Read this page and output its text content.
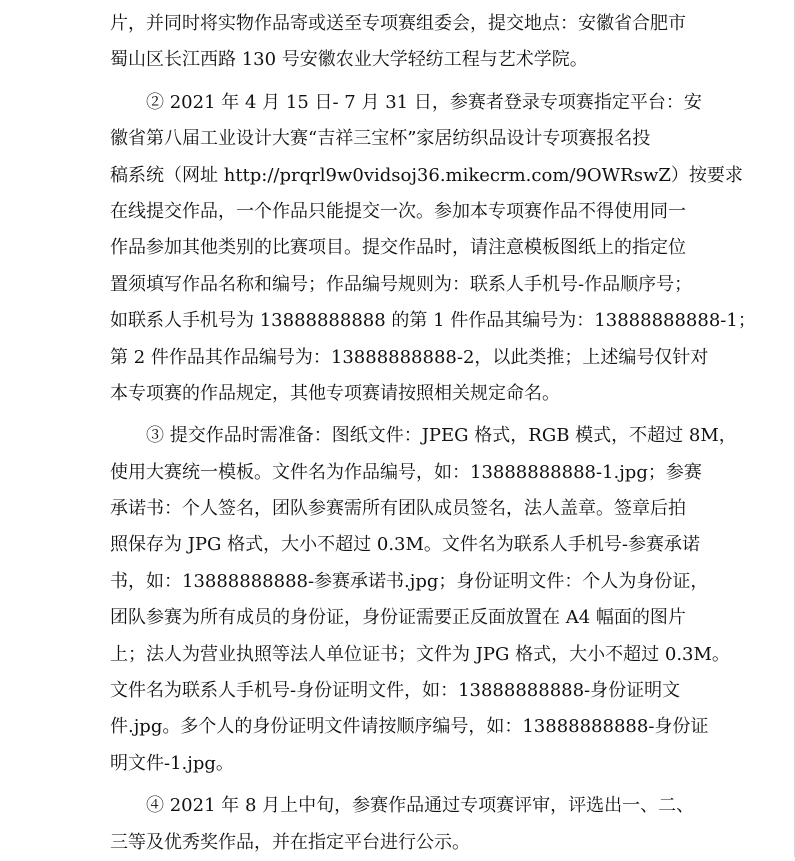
片，并同时将实物作品寄或送至专项赛组委会，提交地点：安徽省合肥市
蜀山区长江西路 130 号安徽农业大学轻纺工程与艺术学院。
　　② 2021 年 4 月 15 日- 7 月 31 日，参赛者登录专项赛指定平台：安
徽省第八届工业设计大赛“吉祥三宝杯”家居纺织品设计专项赛报名投
稿系统（网址 http://prqrl9w0vidsoj36.mikecrm.com/9OWRswZ）按要求
在线提交作品，一个作品只能提交一次。参加本专项赛作品不得使用同一
作品参加其他类别的比赛项目。提交作品时，请注意模板图纸上的指定位
置须填写作品名称和编号；作品编号规则为：联系人手机号-作品顺序号；
如联系人手机号为 13888888888 的第 1 件作品其编号为：13888888888-1；
第 2 件作品其作品编号为：13888888888-2，以此类推；上述编号仅针对
本专项赛的作品规定，其他专项赛请按照相关规定命名。
　　③ 提交作品时需准备：图纸文件：JPEG 格式，RGB 模式，不超过 8M，
使用大赛统一模板。文件名为作品编号，如：13888888888-1.jpg；参赛
承诺书：个人签名，团队参赛需所有团队成员签名，法人盖章。签章后拍
照保存为 JPG 格式，大小不超过 0.3M。文件名为联系人手机号-参赛承诺
书，如：13888888888-参赛承诺书.jpg；身份证明文件：个人为身份证，
团队参赛为所有成员的身份证，身份证需要正反面放置在 A4 幅面的图片
上；法人为营业执照等法人单位证书；文件为 JPG 格式，大小不超过 0.3M。
文件名为联系人手机号-身份证明文件，如：13888888888-身份证明文
件.jpg。多个人的身份证明文件请按顺序编号，如：13888888888-身份证
明文件-1.jpg。
　　④ 2021 年 8 月上中旬，参赛作品通过专项赛评审，评选出一、二、
三等及优秀奖作品，并在指定平台进行公示。
